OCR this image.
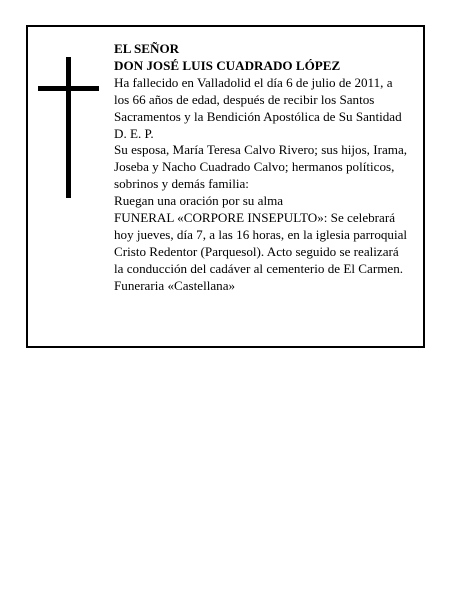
EL SEÑOR
DON JOSÉ LUIS CUADRADO LÓPEZ
Ha fallecido en Valladolid el día 6 de julio de 2011, a
los 66 años de edad, después de recibir los Santos
Sacramentos y la Bendición Apostólica de Su Santidad
D. E. P.
Su esposa, María Teresa Calvo Rivero; sus hijos, Irama,
Joseba y Nacho Cuadrado Calvo; hermanos políticos,
sobrinos y demás familia:
Ruegan una oración por su alma
FUNERAL «CORPORE INSEPULTO»: Se celebrará
hoy jueves, día 7, a las 16 horas, en la iglesia parroquial
Cristo Redentor (Parquesol). Acto seguido se realizará
la conducción del cadáver al cementerio de El Carmen.
Funeraria «Castellana»
